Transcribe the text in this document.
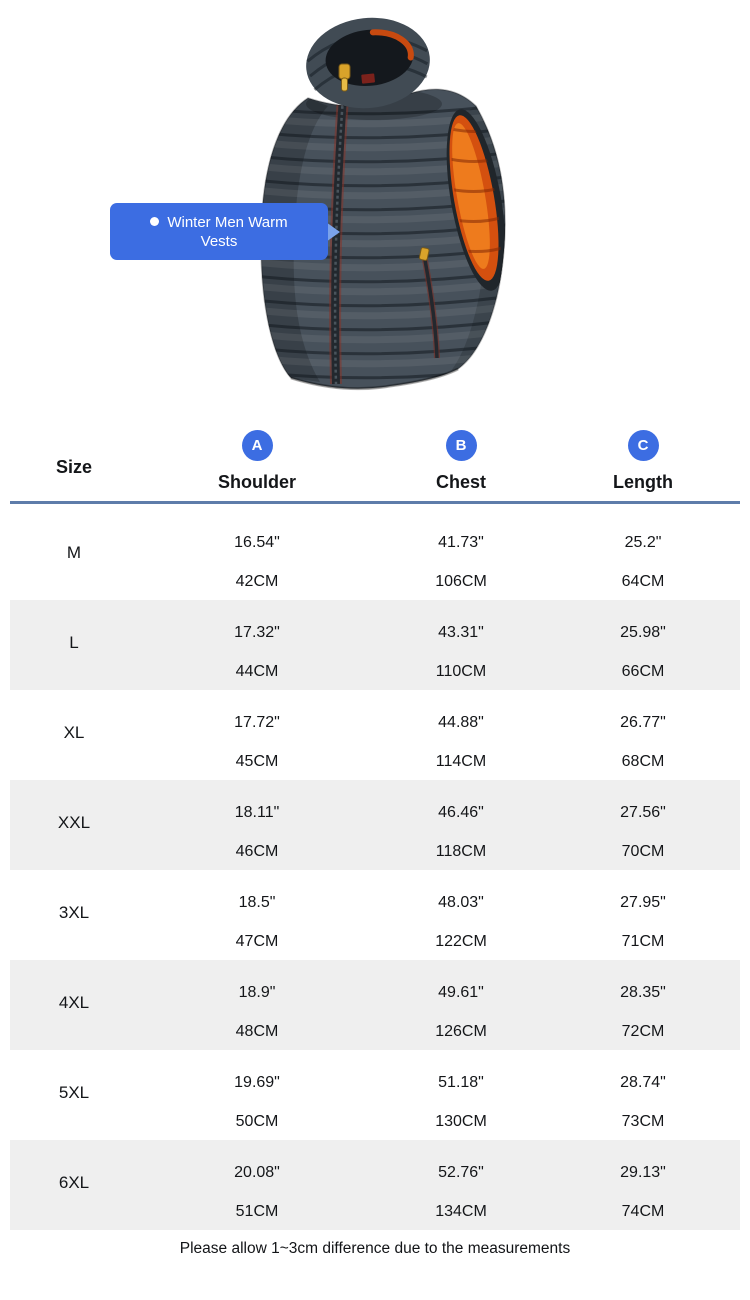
Winter Men Warm
Vests
Size
A
Shoulder
B
Chest
C
Length
M
16.54"
42CM
41.73"
106CM
25.2"
64CM
L
17.32"
44CM
43.31"
110CM
25.98"
66CM
XL
17.72"
45CM
44.88"
114CM
26.77"
68CM
XXL
18.11"
46CM
46.46"
118CM
27.56"
70CM
3XL
18.5"
47CM
48.03"
122CM
27.95"
71CM
4XL
18.9"
48CM
49.61"
126CM
28.35"
72CM
5XL
19.69"
50CM
51.18"
130CM
28.74"
73CM
6XL
20.08"
51CM
52.76"
134CM
29.13"
74CM
Please allow 1~3cm difference due to the measurements
